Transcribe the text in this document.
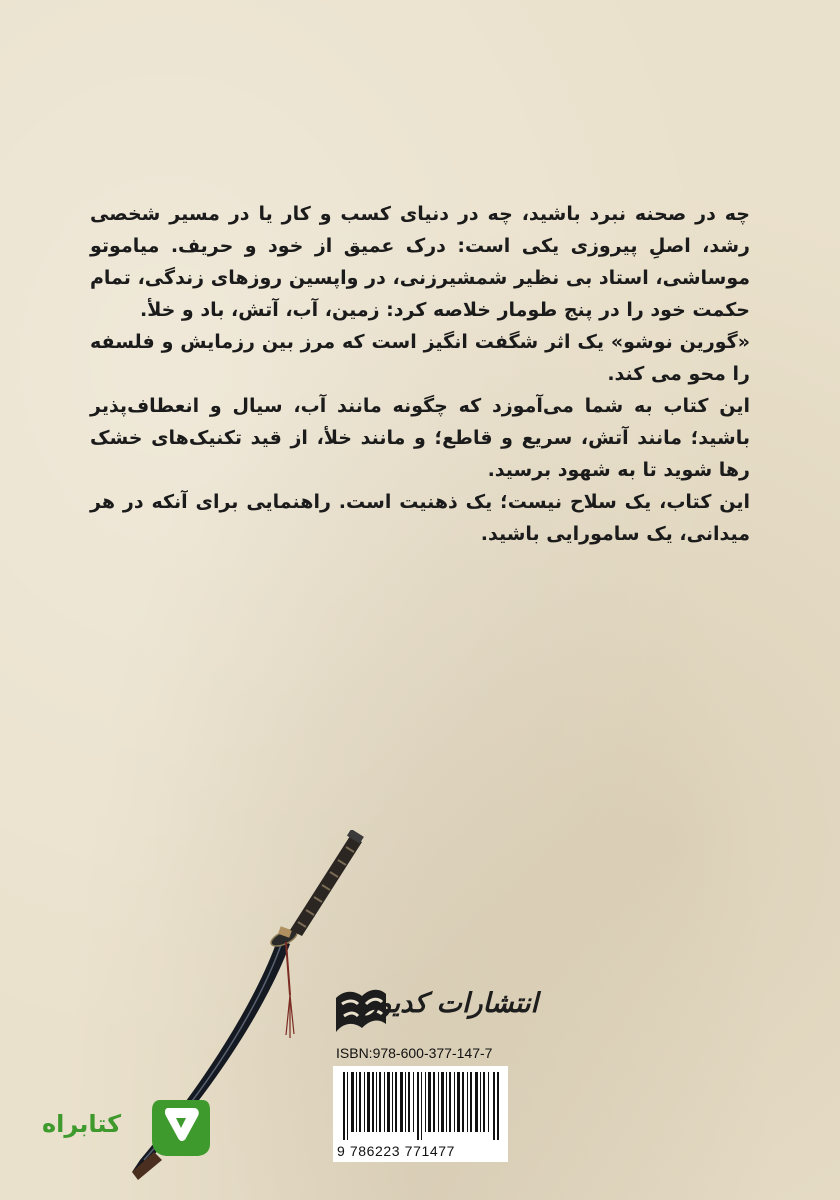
چه در صحنه نبرد باشید، چه در دنیای کسب و کار یا در مسیر شخصی رشد، اصلِ پیروزی یکی است: درک عمیق از خود و حریف. میاموتو موساشی، استاد بی نظیر شمشیرزنی، در واپسین روزهای زندگی، تمام حکمت خود را در پنج طومار خلاصه کرد: زمین، آب، آتش، باد و خلأ.

«گورین نوشو» یک اثر شگفت انگیز است که مرز بین رزمایش و فلسفه را محو می کند.

این کتاب به شما می‌آموزد که چگونه مانند آب، سیال و انعطاف‌پذیر باشید؛ مانند آتش، سریع و قاطع؛ و مانند خلأ، از قید تکنیک‌های خشک رها شوید تا به شهود برسید.

این کتاب، یک سلاح نیست؛ یک ذهنیت است. راهنمایی برای آنکه در هر میدانی، یک سامورایی باشید.

انتشارات کدیور
ISBN:978-600-377-147-7
9 786223 771477
کتابراه
